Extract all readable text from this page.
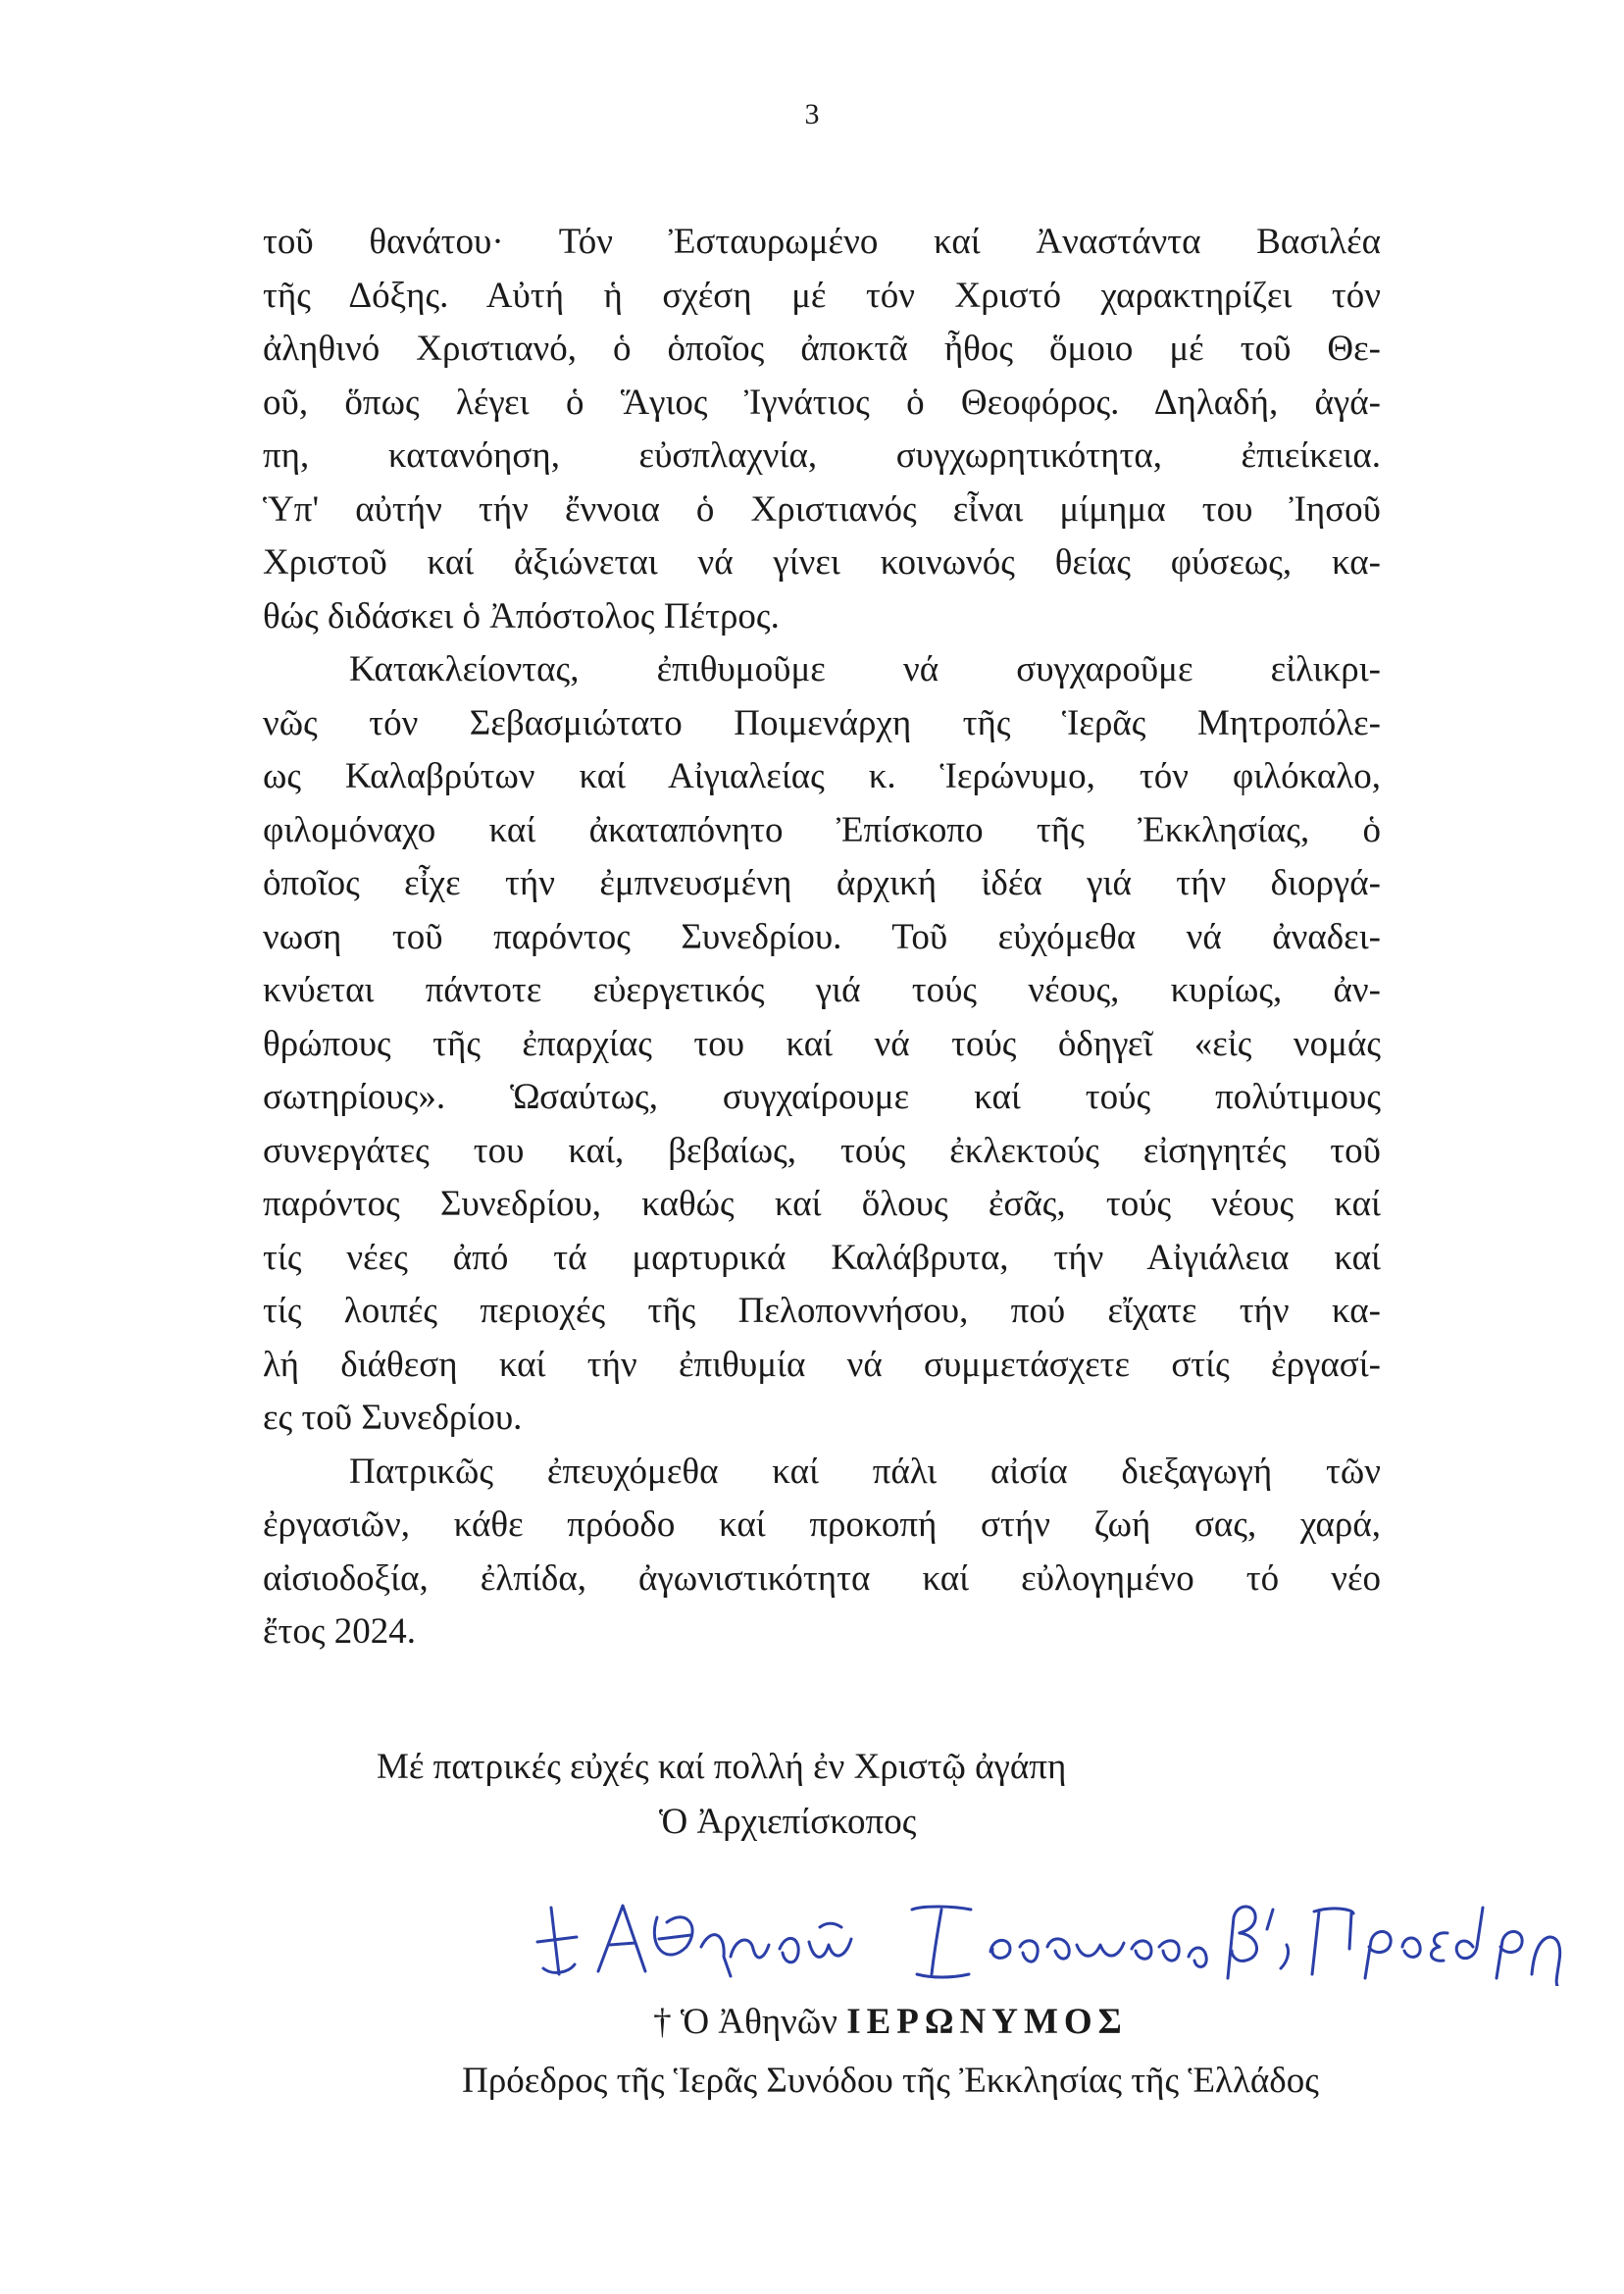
3
τοῦ θανάτου· Τόν Ἐσταυρωμένο καί Ἀναστάντα Βασιλέα
τῆς Δόξης. Αὐτή ἡ σχέση μέ τόν Χριστό χαρακτηρίζει τόν
ἀληθινό Χριστιανό, ὁ ὁποῖος ἀποκτᾶ ἦθος ὅμοιο μέ τοῦ Θε-
οῦ, ὅπως λέγει ὁ Ἅγιος Ἰγνάτιος ὁ Θεοφόρος. Δηλαδή, ἀγά-
πη, κατανόηση, εὐσπλαχνία, συγχωρητικότητα, ἐπιείκεια.
Ὑπ' αὐτήν τήν ἔννοια ὁ Χριστιανός εἶναι μίμημα του Ἰησοῦ
Χριστοῦ καί ἀξιώνεται νά γίνει κοινωνός θείας φύσεως, κα-
θώς διδάσκει ὁ Ἀπόστολος Πέτρος.
Κατακλείοντας, ἐπιθυμοῦμε νά συγχαροῦμε εἰλικρι-
νῶς τόν Σεβασμιώτατο Ποιμενάρχη τῆς Ἱερᾶς Μητροπόλε-
ως Καλαβρύτων καί Αἰγιαλείας κ. Ἱερώνυμο, τόν φιλόκαλο,
φιλομόναχο καί ἀκαταπόνητο Ἐπίσκοπο τῆς Ἐκκλησίας, ὁ
ὁποῖος εἶχε τήν ἐμπνευσμένη ἀρχική ἰδέα γιά τήν διοργά-
νωση τοῦ παρόντος Συνεδρίου. Τοῦ εὐχόμεθα νά ἀναδει-
κνύεται πάντοτε εὐεργετικός γιά τούς νέους, κυρίως, ἀν-
θρώπους τῆς ἐπαρχίας του καί νά τούς ὁδηγεῖ «εἰς νομάς
σωτηρίους». Ὡσαύτως, συγχαίρουμε καί τούς πολύτιμους
συνεργάτες του καί, βεβαίως, τούς ἐκλεκτούς εἰσηγητές τοῦ
παρόντος Συνεδρίου, καθώς καί ὅλους ἐσᾶς, τούς νέους καί
τίς νέες ἀπό τά μαρτυρικά Καλάβρυτα, τήν Αἰγιάλεια καί
τίς λοιπές περιοχές τῆς Πελοποννήσου, πού εἴχατε τήν κα-
λή διάθεση καί τήν ἐπιθυμία νά συμμετάσχετε στίς ἐργασί-
ες τοῦ Συνεδρίου.
Πατρικῶς ἐπευχόμεθα καί πάλι αἰσία διεξαγωγή τῶν
ἐργασιῶν, κάθε πρόοδο καί προκοπή στήν ζωή σας, χαρά,
αἰσιοδοξία, ἐλπίδα, ἀγωνιστικότητα καί εὐλογημένο τό νέο
ἔτος 2024.
Μέ πατρικές εὐχές καί πολλή ἐν Χριστῷ ἀγάπη
Ὁ Ἀρχιεπίσκοπος
† Ὁ Ἀθηνῶν ΙΕΡΩΝΥΜΟΣ
Πρόεδρος τῆς Ἱερᾶς Συνόδου τῆς Ἐκκλησίας τῆς Ἑλλάδος
